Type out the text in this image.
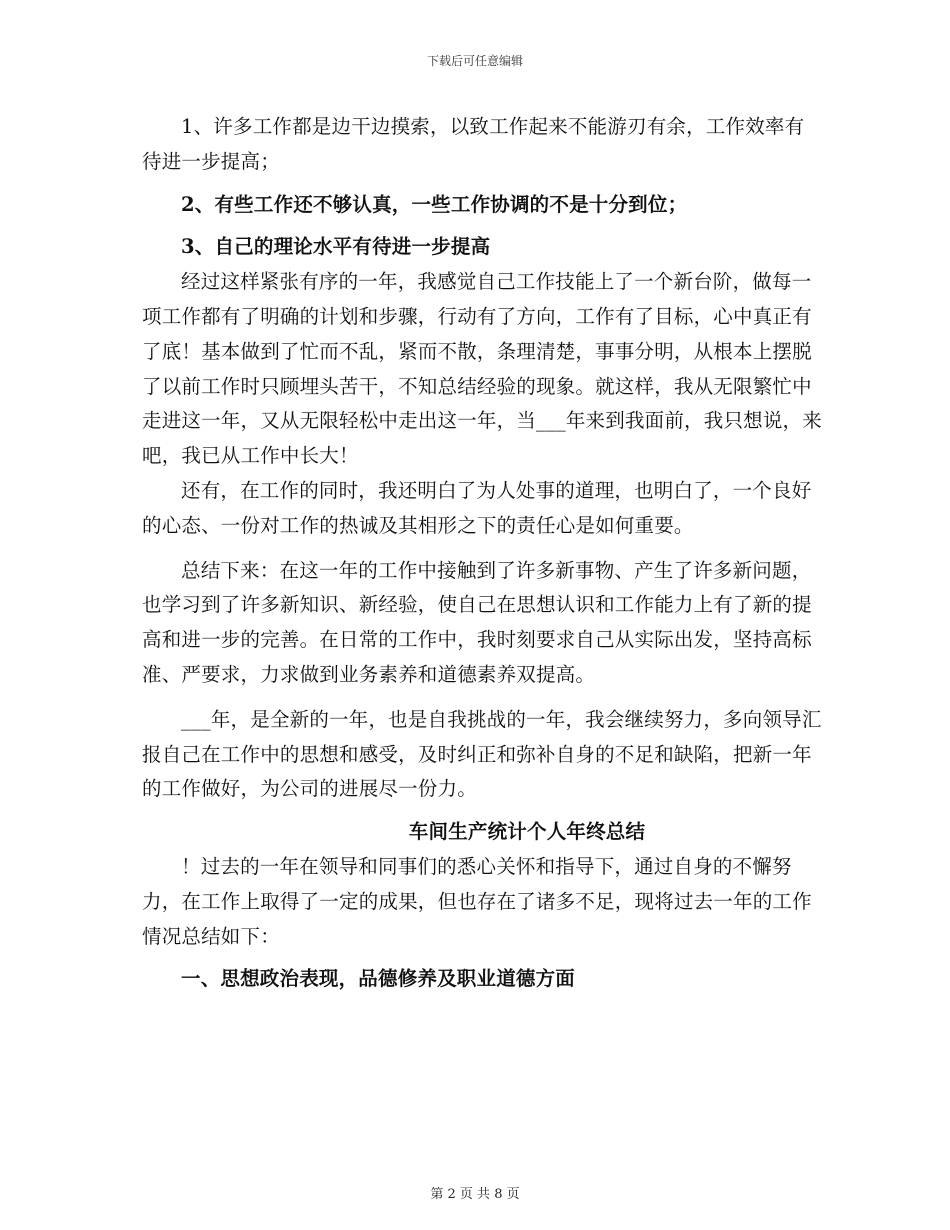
下载后可任意编辑

1、许多工作都是边干边摸索，以致工作起来不能游刃有余，工作效率有待进一步提高；

2、有些工作还不够认真，一些工作协调的不是十分到位；

3、自己的理论水平有待进一步提高

经过这样紧张有序的一年，我感觉自己工作技能上了一个新台阶，做每一项工作都有了明确的计划和步骤，行动有了方向，工作有了目标，心中真正有了底！基本做到了忙而不乱，紧而不散，条理清楚，事事分明，从根本上摆脱了以前工作时只顾埋头苦干，不知总结经验的现象。就这样，我从无限繁忙中走进这一年，又从无限轻松中走出这一年，当___年来到我面前，我只想说，来吧，我已从工作中长大！

还有，在工作的同时，我还明白了为人处事的道理，也明白了，一个良好的心态、一份对工作的热诚及其相形之下的责任心是如何重要。

总结下来：在这一年的工作中接触到了许多新事物、产生了许多新问题，也学习到了许多新知识、新经验，使自己在思想认识和工作能力上有了新的提高和进一步的完善。在日常的工作中，我时刻要求自己从实际出发，坚持高标准、严要求，力求做到业务素养和道德素养双提高。

___年，是全新的一年，也是自我挑战的一年，我会继续努力，多向领导汇报自己在工作中的思想和感受，及时纠正和弥补自身的不足和缺陷，把新一年的工作做好，为公司的进展尽一份力。

车间生产统计个人年终总结

！过去的一年在领导和同事们的悉心关怀和指导下，通过自身的不懈努力，在工作上取得了一定的成果，但也存在了诸多不足，现将过去一年的工作情况总结如下：

一、思想政治表现，品德修养及职业道德方面

第 2 页 共 8 页
